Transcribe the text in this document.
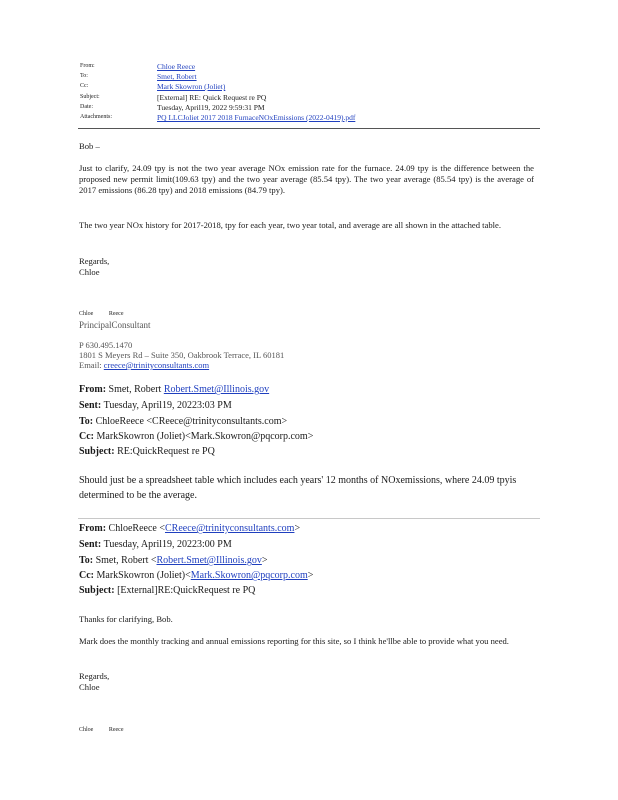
From:	Chloe Reece
To:	Smet, Robert
Cc:	Mark Skowron (Joliet)
Subject:	[External] RE: Quick Request re PQ
Date:	Tuesday, April19, 2022 9:59:31 PM
Attachments:	PQ LLCJoliet 2017 2018 FurnaceNOxEmissions (2022-0419).pdf

Bob –

Just to clarify, 24.09 tpy is not the two year average NOx emission rate for the furnace. 24.09 tpy is the difference between the proposed new permit limit(109.63 tpy) and the two year average (85.54 tpy). The two year average (85.54 tpy) is the average of 2017 emissions (86.28 tpy) and 2018 emissions (84.79 tpy).

The two year NOx history for 2017-2018, tpy for each year, two year total, and average are all shown in the attached table.

Regards,

Chloe

Chloe	Reece
PrincipalConsultant
P 630.495.1470
1801 S Meyers Rd – Suite 350, Oakbrook Terrace, IL 60181
Email: creece@trinityconsultants.com
From: Smet, Robert Robert.Smet@Illinois.gov
Sent: Tuesday, April19, 20223:03 PM
To: ChloeReece <CReece@trinityconsultants.com>
Cc: MarkSkowron (Joliet)<Mark.Skowron@pqcorp.com>
Subject: RE:QuickRequest re PQ

Should just be a spreadsheet table which includes each years' 12 months of NOxemissions, where 24.09 tpyis determined to be the average.

From: ChloeReece <CReece@trinityconsultants.com>
Sent: Tuesday, April19, 20223:00 PM
To: Smet, Robert <Robert.Smet@Illinois.gov>
Cc: MarkSkowron (Joliet)<Mark.Skowron@pqcorp.com>
Subject: [External]RE:QuickRequest re PQ

Thanks for clarifying, Bob.

Mark does the monthly tracking and annual emissions reporting for this site, so I think he'llbe able to provide what you need.

Regards,

Chloe

Chloe	Reece
